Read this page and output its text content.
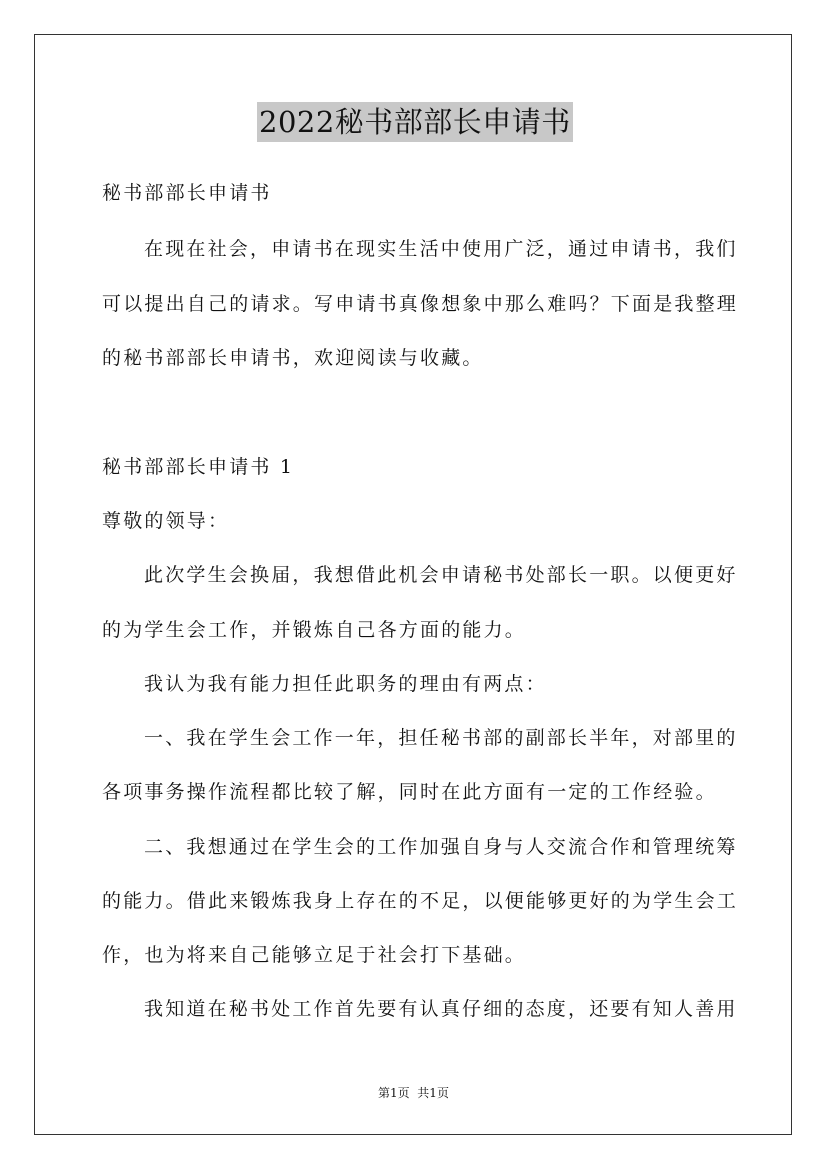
2022秘书部部长申请书
秘书部部长申请书
在现在社会，申请书在现实生活中使用广泛，通过申请书，我们
可以提出自己的请求。写申请书真像想象中那么难吗？下面是我整理
的秘书部部长申请书，欢迎阅读与收藏。
秘书部部长申请书 1
尊敬的领导：
此次学生会换届，我想借此机会申请秘书处部长一职。以便更好
的为学生会工作，并锻炼自己各方面的能力。
我认为我有能力担任此职务的理由有两点：
一、我在学生会工作一年，担任秘书部的副部长半年，对部里的
各项事务操作流程都比较了解，同时在此方面有一定的工作经验。
二、我想通过在学生会的工作加强自身与人交流合作和管理统筹
的能力。借此来锻炼我身上存在的不足，以便能够更好的为学生会工
作，也为将来自己能够立足于社会打下基础。
我知道在秘书处工作首先要有认真仔细的态度，还要有知人善用
第1页  共1页
